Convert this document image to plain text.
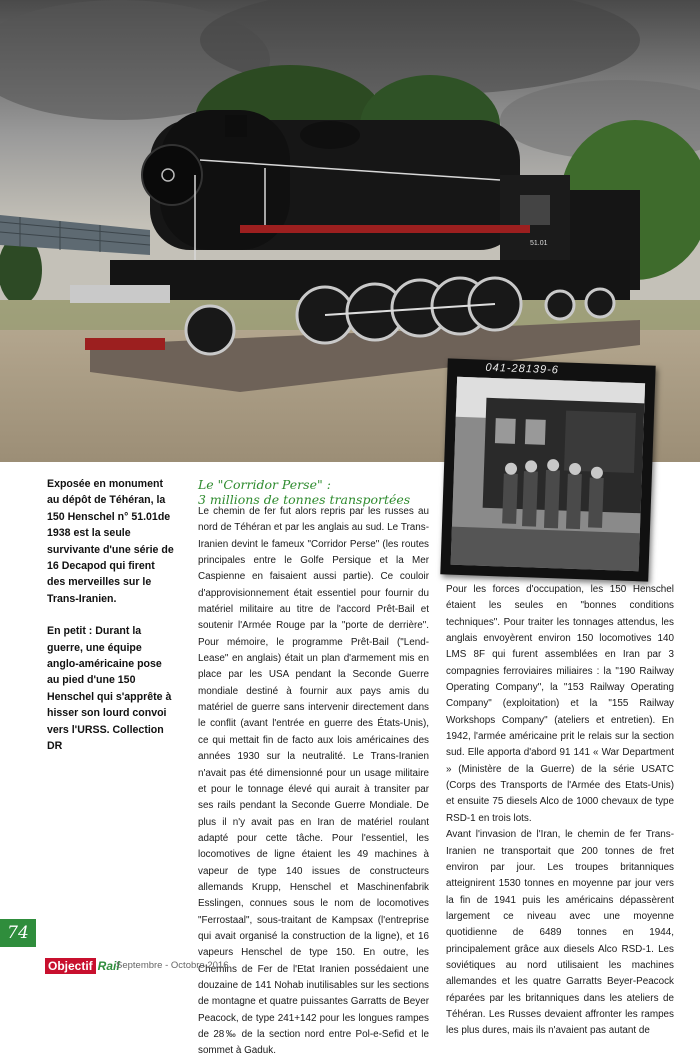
51.01
041-28139-6

Exposée en monument au dépôt de Téhéran, la 150 Henschel n° 51.01de 1938 est la seule survivante d'une série de 16 Decapod qui firent des merveilles sur le Trans-Iranien.

En petit : Durant la guerre, une équipe anglo-américaine pose au pied d'une 150 Henschel qui s'apprête à hisser son lourd convoi vers l'URSS. Collection DR

Le "Corridor Perse" :
3 millions de tonnes transportées

Le chemin de fer fut alors repris par les russes au nord de Téhéran et par les anglais au sud. Le Trans-Iranien devint le fameux "Corridor Perse" (les routes principales entre le Golfe Persique et la Mer Caspienne en faisaient aussi partie). Ce couloir d'approvisionnement était essentiel pour fournir du matériel militaire au titre de l'accord Prêt-Bail et soutenir l'Armée Rouge par la "porte de derrière". Pour mémoire, le programme Prêt-Bail ("Lend-Lease" en anglais) était un plan d'armement mis en place par les USA pendant la Seconde Guerre mondiale destiné à fournir aux pays amis du matériel de guerre sans intervenir directement dans le conflit (avant l'entrée en guerre des États-Unis), ce qui mettait fin de facto aux lois américaines des années 1930 sur la neutralité. Le Trans-Iranien n'avait pas été dimensionné pour un usage militaire et pour le tonnage élevé qui aurait à transiter par ses rails pendant la Seconde Guerre Mondiale. De plus il n'y avait pas en Iran de matériel roulant adapté pour cette tâche. Pour l'essentiel, les locomotives de ligne étaient les 49 machines à vapeur de type 140 issues de constructeurs allemands Krupp, Henschel et Maschinenfabrik Esslingen, connues sous le nom de locomotives "Ferrostaal", sous-traitant de Kampsax (l'entreprise qui avait organisé la construction de la ligne), et 16 vapeurs Henschel de type 150. En outre, les Chemins de Fer de l'Etat Iranien possédaient une douzaine de 141 Nohab inutilisables sur les sections de montagne et quatre puissantes Garratts de Beyer Peacock, de type 241+142 pour les longues rampes de 28‰ de la section nord entre Pol-e-Sefid et le sommet à Gaduk.

Pour les forces d'occupation, les 150 Henschel étaient les seules en "bonnes conditions techniques". Pour traiter les tonnages attendus, les anglais envoyèrent environ 150 locomotives 140 LMS 8F qui furent assemblées en Iran par 3 compagnies ferroviaires miliaires : la "190 Railway Operating Company", la "153 Railway Operating Company" (exploitation) et la "155 Railway Workshops Company" (ateliers et entretien). En 1942, l'armée américaine prit le relais sur la section sud. Elle apporta d'abord 91 141 « War Department » (Ministère de la Guerre) de la série USATC (Corps des Transports de l'Armée des Etats-Unis) et ensuite 75 diesels Alco de 1000 chevaux de type RSD-1 en trois lots.

Avant l'invasion de l'Iran, le chemin de fer Trans-Iranien ne transportait que 200 tonnes de fret environ par jour. Les troupes britanniques atteignirent 1530 tonnes en moyenne par jour vers la fin de 1941 puis les américains dépassèrent largement ce niveau avec une moyenne quotidienne de 6489 tonnes en 1944, principalement grâce aux diesels Alco RSD-1. Les soviétiques au nord utilisaient les machines allemandes et les quatre Garratts Beyer-Peacock réparées par les britanniques dans les ateliers de Téhéran. Les Russes devaient affronter les rampes les plus dures, mais ils n'avaient pas autant de

74
Objectif Rail
Septembre - Octobre 2016
